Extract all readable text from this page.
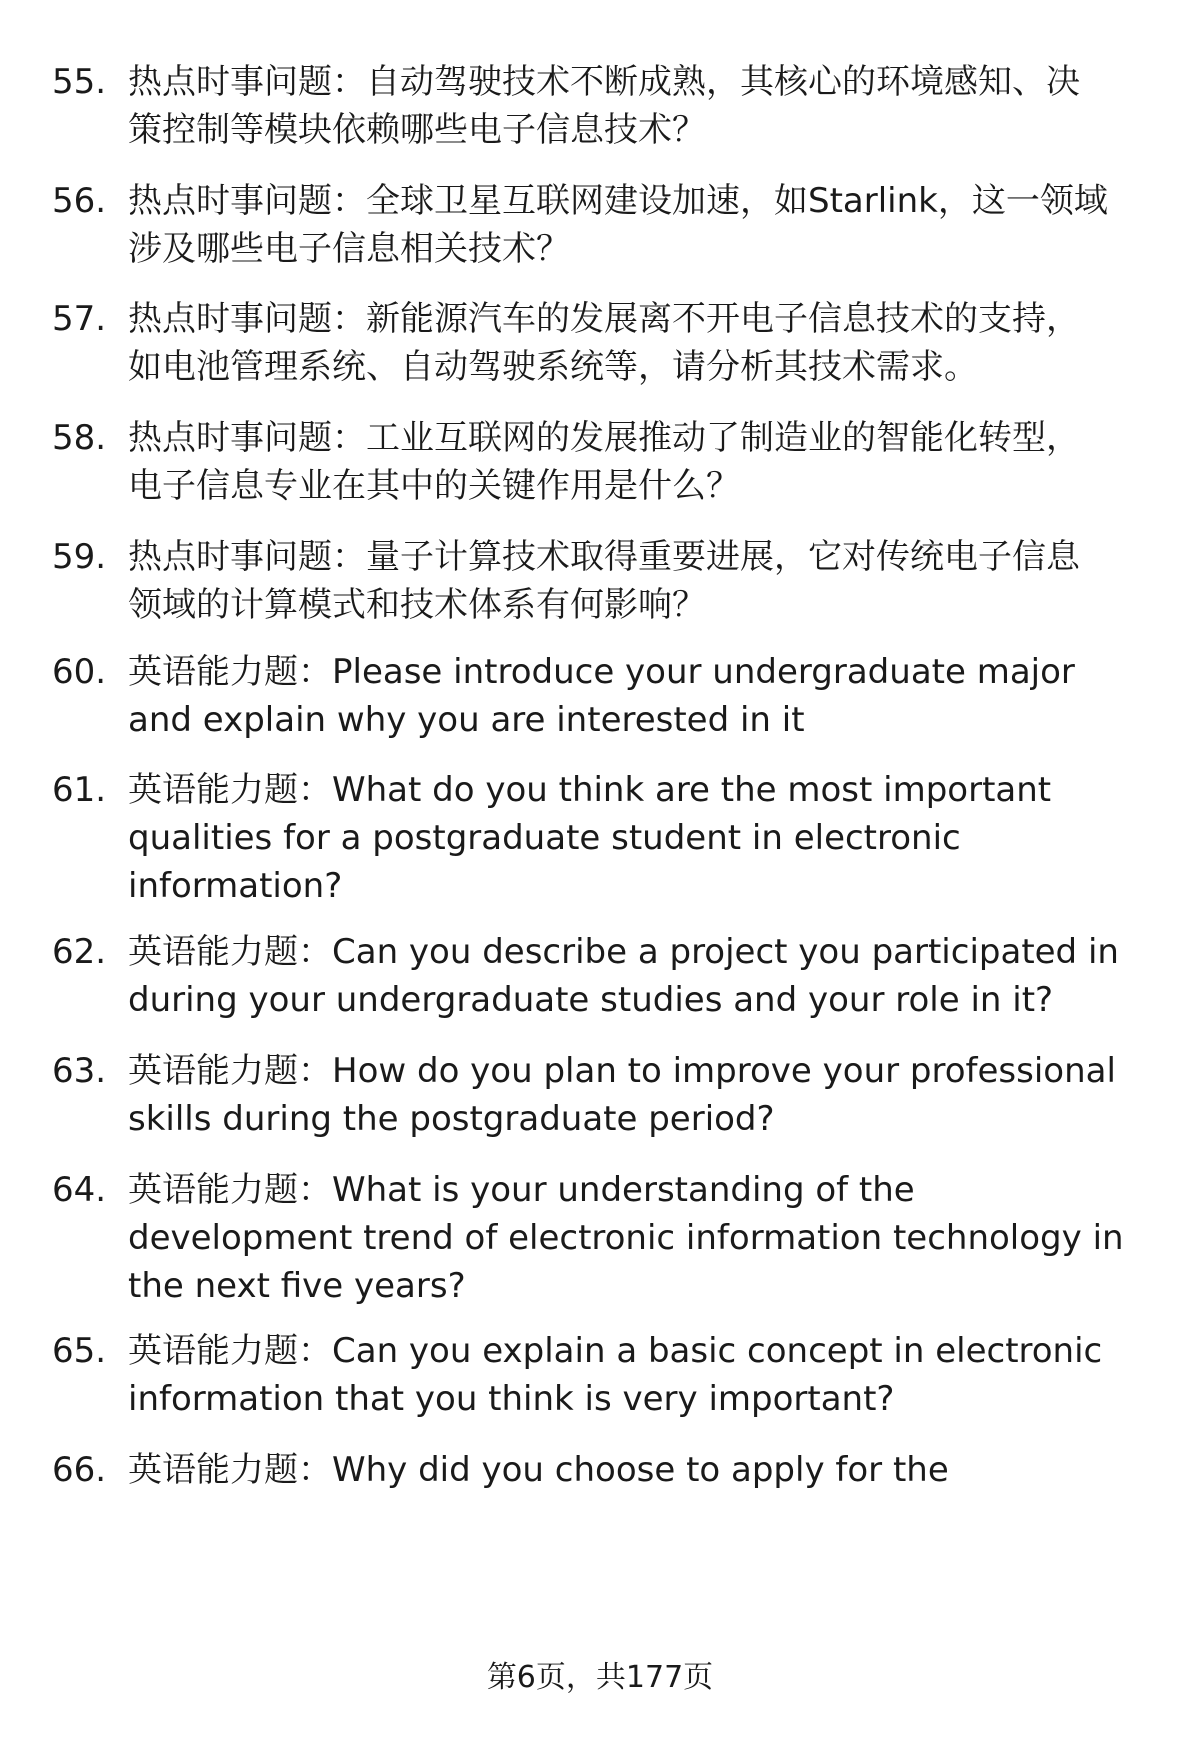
55. 热点时事问题：自动驾驶技术不断成熟，其核心的环境感知、决
策控制等模块依赖哪些电子信息技术？
56. 热点时事问题：全球卫星互联网建设加速，如Starlink，这一领域
涉及哪些电子信息相关技术？
57. 热点时事问题：新能源汽车的发展离不开电子信息技术的支持，
如电池管理系统、自动驾驶系统等，请分析其技术需求。
58. 热点时事问题：工业互联网的发展推动了制造业的智能化转型，
电子信息专业在其中的关键作用是什么？
59. 热点时事问题：量子计算技术取得重要进展，它对传统电子信息
领域的计算模式和技术体系有何影响？
60. 英语能力题：Please introduce your undergraduate major
and explain why you are interested in it
61. 英语能力题：What do you think are the most important
qualities for a postgraduate student in electronic
information?
62. 英语能力题：Can you describe a project you participated in
during your undergraduate studies and your role in it?
63. 英语能力题：How do you plan to improve your professional
skills during the postgraduate period?
64. 英语能力题：What is your understanding of the
development trend of electronic information technology in
the next five years?
65. 英语能力题：Can you explain a basic concept in electronic
information that you think is very important?
66. 英语能力题：Why did you choose to apply for the
第6页，共177页
